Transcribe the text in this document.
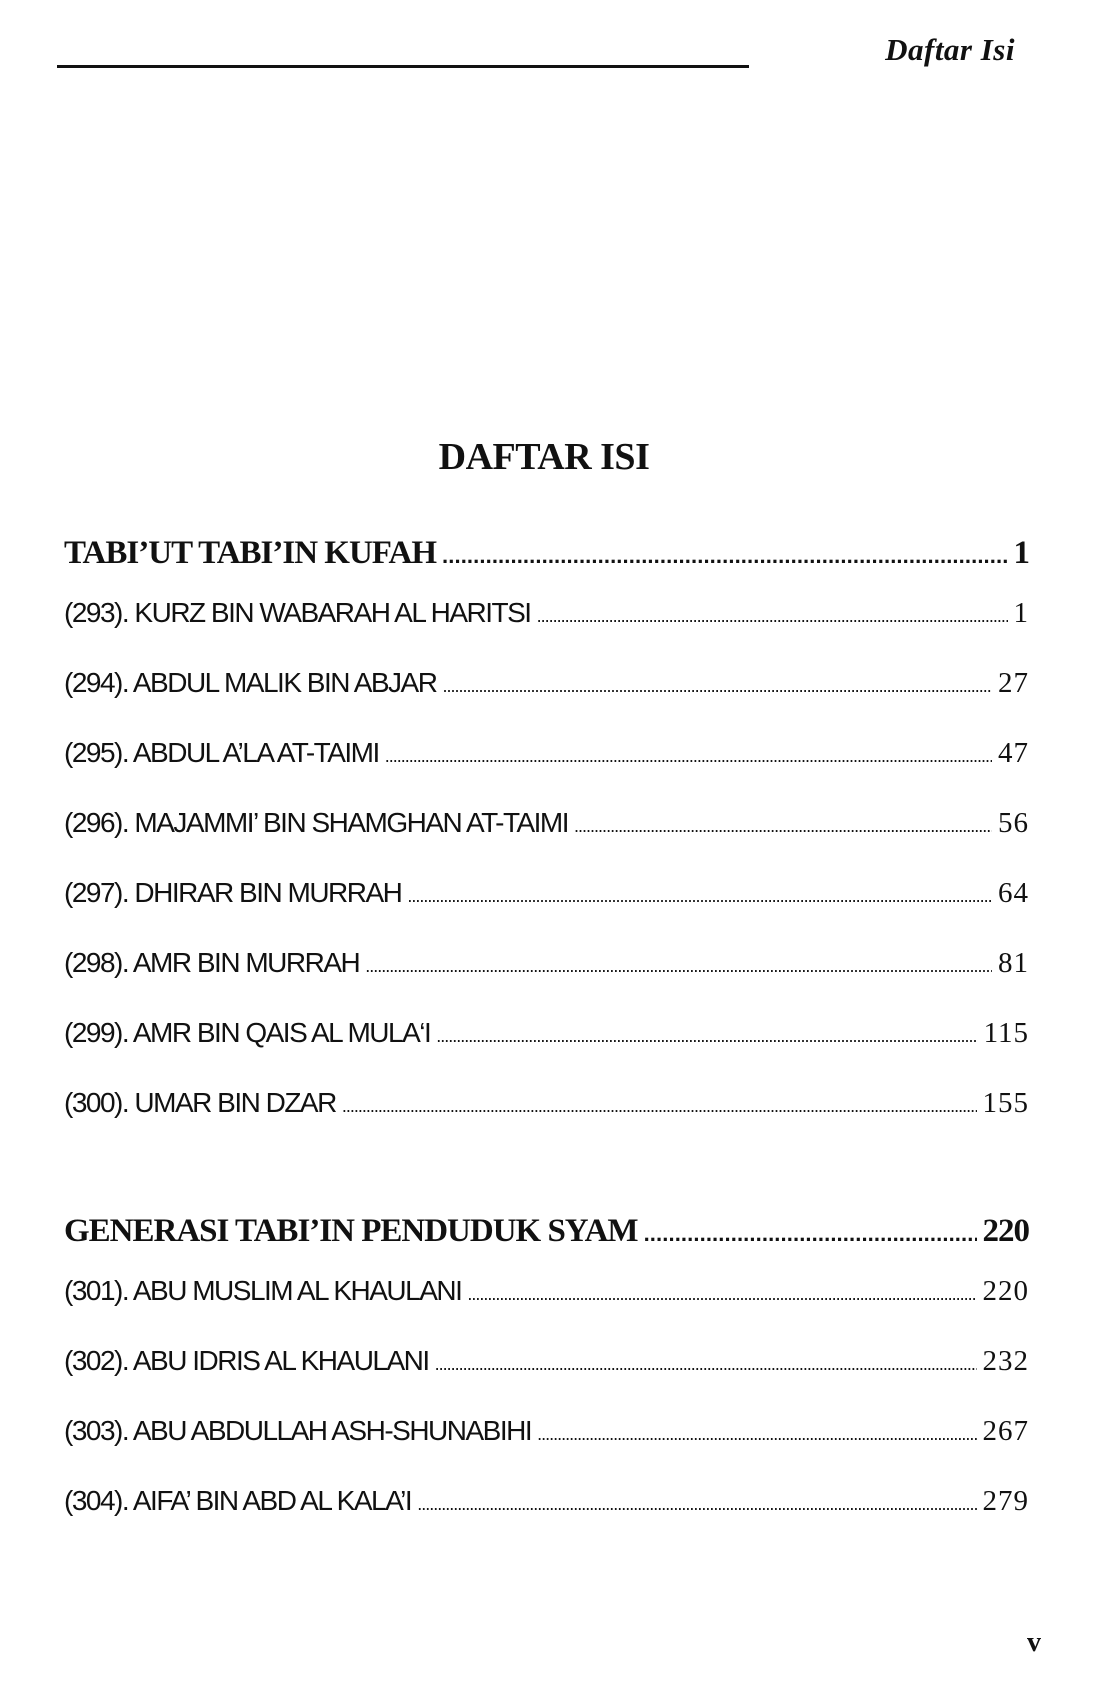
Daftar Isi
DAFTAR ISI
TABI’UT TABI’IN KUFAH . . .	1
(293). KURZ BIN WABARAH AL HARITSI . . .	1
(294). ABDUL MALIK BIN ABJAR . . .	27
(295). ABDUL A’LA AT-TAIMI . . .	47
(296). MAJAMMI’ BIN SHAMGHAN AT-TAIMI . . .	56
(297). DHIRAR BIN MURRAH . . .	64
(298). AMR BIN MURRAH . . .	81
(299). AMR BIN QAIS AL MULA‘I . . .	115
(300). UMAR BIN DZAR . . .	155
GENERASI TABI’IN PENDUDUK SYAM . . .	220
(301). ABU MUSLIM AL KHAULANI . . .	220
(302). ABU IDRIS AL KHAULANI . . .	232
(303). ABU ABDULLAH ASH-SHUNABIHI . . .	267
(304). AIFA’ BIN ABD AL KALA’I . . .	279
v
